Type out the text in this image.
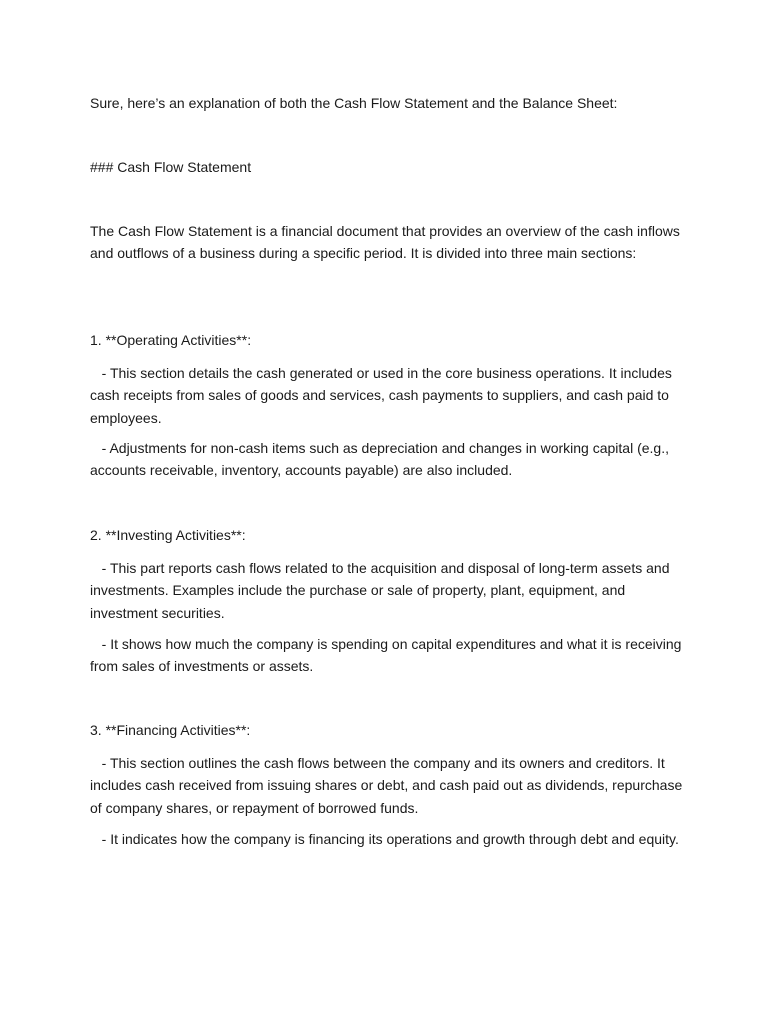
Sure, here’s an explanation of both the Cash Flow Statement and the Balance Sheet:

### Cash Flow Statement

The Cash Flow Statement is a financial document that provides an overview of the cash inflows and outflows of a business during a specific period. It is divided into three main sections:

1. **Operating Activities**:

- This section details the cash generated or used in the core business operations. It includes cash receipts from sales of goods and services, cash payments to suppliers, and cash paid to employees.

- Adjustments for non-cash items such as depreciation and changes in working capital (e.g., accounts receivable, inventory, accounts payable) are also included.

2. **Investing Activities**:

- This part reports cash flows related to the acquisition and disposal of long-term assets and investments. Examples include the purchase or sale of property, plant, equipment, and investment securities.

- It shows how much the company is spending on capital expenditures and what it is receiving from sales of investments or assets.

3. **Financing Activities**:

- This section outlines the cash flows between the company and its owners and creditors. It includes cash received from issuing shares or debt, and cash paid out as dividends, repurchase of company shares, or repayment of borrowed funds.

- It indicates how the company is financing its operations and growth through debt and equity.
